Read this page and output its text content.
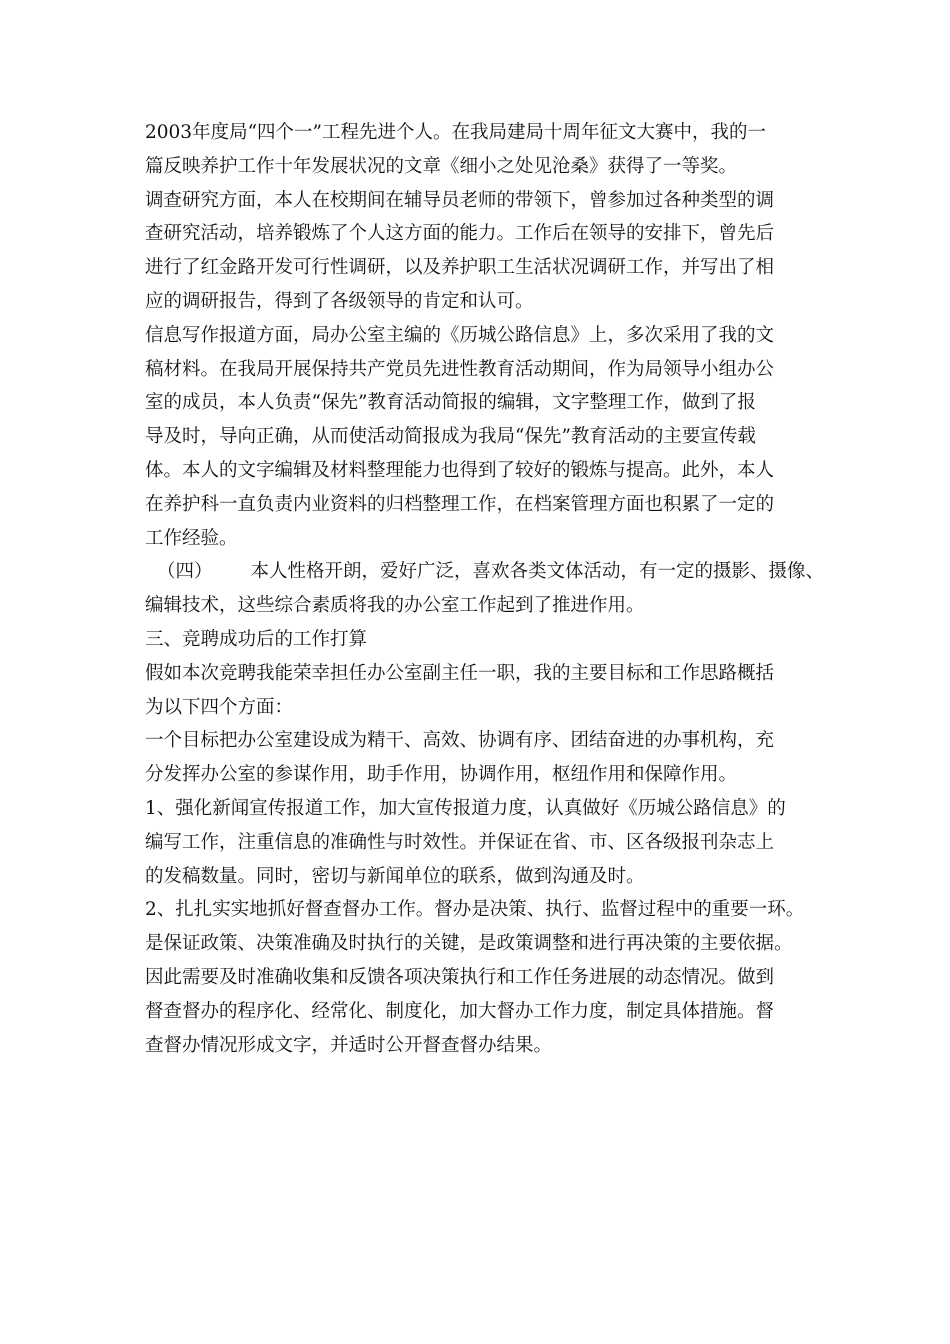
2003年度局“四个一”工程先进个人。在我局建局十周年征文大赛中，我的一
篇反映养护工作十年发展状况的文章《细小之处见沧桑》获得了一等奖。
调查研究方面，本人在校期间在辅导员老师的带领下，曾参加过各种类型的调
查研究活动，培养锻炼了个人这方面的能力。工作后在领导的安排下，曾先后
进行了红金路开发可行性调研，以及养护职工生活状况调研工作，并写出了相
应的调研报告，得到了各级领导的肯定和认可。
信息写作报道方面，局办公室主编的《历城公路信息》上，多次采用了我的文
稿材料。在我局开展保持共产党员先进性教育活动期间，作为局领导小组办公
室的成员，本人负责“保先”教育活动简报的编辑，文字整理工作，做到了报
导及时，导向正确，从而使活动简报成为我局“保先”教育活动的主要宣传载
体。本人的文字编辑及材料整理能力也得到了较好的锻炼与提高。此外，本人
在养护科一直负责内业资料的归档整理工作，在档案管理方面也积累了一定的
工作经验。
（四） 本人性格开朗，爱好广泛，喜欢各类文体活动，有一定的摄影、摄像、
编辑技术，这些综合素质将我的办公室工作起到了推进作用。
三、竞聘成功后的工作打算
假如本次竞聘我能荣幸担任办公室副主任一职，我的主要目标和工作思路概括
为以下四个方面：
一个目标把办公室建设成为精干、高效、协调有序、团结奋进的办事机构，充
分发挥办公室的参谋作用，助手作用，协调作用，枢纽作用和保障作用。
1、强化新闻宣传报道工作，加大宣传报道力度，认真做好《历城公路信息》的
编写工作，注重信息的准确性与时效性。并保证在省、市、区各级报刊杂志上
的发稿数量。同时，密切与新闻单位的联系，做到沟通及时。
2、扎扎实实地抓好督查督办工作。督办是决策、执行、监督过程中的重要一环。
是保证政策、决策准确及时执行的关键，是政策调整和进行再决策的主要依据。
因此需要及时准确收集和反馈各项决策执行和工作任务进展的动态情况。做到
督查督办的程序化、经常化、制度化，加大督办工作力度，制定具体措施。督
查督办情况形成文字，并适时公开督查督办结果。
